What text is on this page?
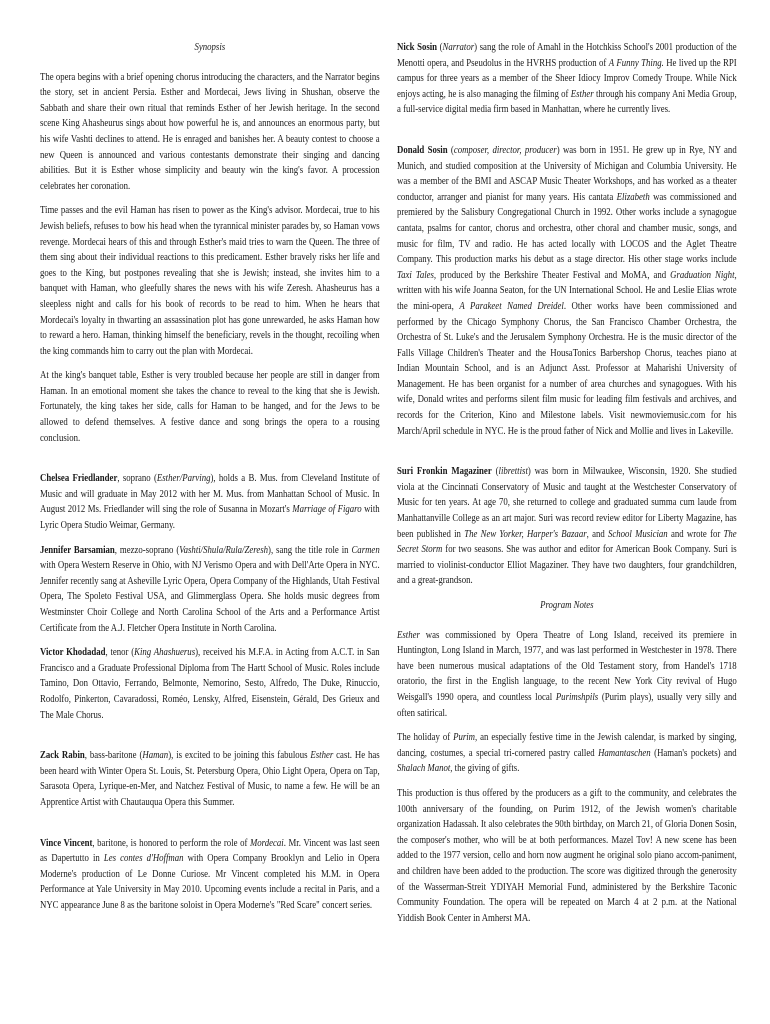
Synopsis

The opera begins with a brief opening chorus introducing the characters, and the Narrator begins the story, set in ancient Persia. Esther and Mordecai, Jews living in Shushan, observe the Sabbath and share their own ritual that reminds Esther of her Jewish heritage. In the second scene King Ahasheurus sings about how powerful he is, and announces an enormous party, but his wife Vashti declines to attend. He is enraged and banishes her. A beauty contest to choose a new Queen is announced and various contestants demonstrate their singing and dancing abilities. But it is Esther whose simplicity and beauty win the king's favor. A procession celebrates her coronation.

Time passes and the evil Haman has risen to power as the King's advisor. Mordecai, true to his Jewish beliefs, refuses to bow his head when the tyrannical minister parades by, so Haman vows revenge. Mordecai hears of this and through Esther's maid tries to warn the Queen. The three of them sing about their individual reactions to this predicament. Esther bravely risks her life and goes to the King, but postpones revealing that she is Jewish; instead, she invites him to a banquet with Haman, who gleefully shares the news with his wife Zeresh. Ahasheurus has a sleepless night and calls for his book of records to be read to him. When he hears that Mordecai's loyalty in thwarting an assassination plot has gone unrewarded, he asks Haman how to reward a hero. Haman, thinking himself the beneficiary, revels in the thought, recoiling when the king commands him to carry out the plan with Mordecai.

At the king's banquet table, Esther is very troubled because her people are still in danger from Haman. In an emotional moment she takes the chance to reveal to the king that she is Jewish. Fortunately, the king takes her side, calls for Haman to be hanged, and for the Jews to be allowed to defend themselves. A festive dance and song brings the opera to a rousing conclusion.

Chelsea Friedlander, soprano (Esther/Parving), holds a B. Mus. from Cleveland Institute of Music and will graduate in May 2012 with her M. Mus. from Manhattan School of Music. In August 2012 Ms. Friedlander will sing the role of Susanna in Mozart's Marriage of Figaro with Lyric Opera Studio Weimar, Germany.

Jennifer Barsamian, mezzo-soprano (Vashti/Shula/Rula/Zeresh), sang the title role in Carmen with Opera Western Reserve in Ohio, with NJ Verismo Opera and with Dell'Arte Opera in NYC. Jennifer recently sang at Asheville Lyric Opera, Opera Company of the Highlands, Utah Festival Opera, The Spoleto Festival USA, and Glimmerglass Opera. She holds music degrees from Westminster Choir College and North Carolina School of the Arts and a Performance Artist Certificate from the A.J. Fletcher Opera Institute in North Carolina.

Victor Khodadad, tenor (King Ahashuerus), received his M.F.A. in Acting from A.C.T. in San Francisco and a Graduate Professional Diploma from The Hartt School of Music. Roles include Tamino, Don Ottavio, Ferrando, Belmonte, Nemorino, Sesto, Alfredo, The Duke, Rinuccio, Rodolfo, Pinkerton, Cavaradossi, Roméo, Lensky, Alfred, Eisenstein, Gérald, Des Grieux and The Male Chorus.

Zack Rabin, bass-baritone (Haman), is excited to be joining this fabulous Esther cast. He has been heard with Winter Opera St. Louis, St. Petersburg Opera, Ohio Light Opera, Opera on Tap, Sarasota Opera, Lyrique-en-Mer, and Natchez Festival of Music, to name a few. He will be an Apprentice Artist with Chautauqua Opera this Summer.

Vince Vincent, baritone, is honored to perform the role of Mordecai. Mr. Vincent was last seen as Dapertutto in Les contes d'Hoffman with Opera Company Brooklyn and Lelio in Opera Moderne's production of Le Donne Curiose. Mr Vincent completed his M.M. in Opera Performance at Yale University in May 2010. Upcoming events include a recital in Paris, and a NYC appearance June 8 as the baritone soloist in Opera Moderne's "Red Scare" concert series.

Nick Sosin (Narrator) sang the role of Amahl in the Hotchkiss School's 2001 production of the Menotti opera, and Pseudolus in the HVRHS production of A Funny Thing. He lived up the RPI campus for three years as a member of the Sheer Idiocy Improv Comedy Troupe. While Nick enjoys acting, he is also managing the filming of Esther through his company Ani Media Group, a full-service digital media firm based in Manhattan, where he currently lives.

Donald Sosin (composer, director, producer) was born in 1951. He grew up in Rye, NY and Munich, and studied composition at the University of Michigan and Columbia University. He was a member of the BMI and ASCAP Music Theater Workshops, and has worked as a theater conductor, arranger and pianist for many years. His cantata Elizabeth was commissioned and premiered by the Salisbury Congregational Church in 1992. Other works include a synagogue cantata, psalms for cantor, chorus and orchestra, other choral and chamber music, songs, and music for film, TV and radio. He has acted locally with LOCOS and the Aglet Theatre Company. This production marks his debut as a stage director. His other stage works include Taxi Tales, produced by the Berkshire Theater Festival and MoMA, and Graduation Night, written with his wife Joanna Seaton, for the UN International School. He and Leslie Elias wrote the mini-opera, A Parakeet Named Dreidel. Other works have been commissioned and performed by the Chicago Symphony Chorus, the San Francisco Chamber Orchestra, the Orchestra of St. Luke's and the Jerusalem Symphony Orchestra. He is the music director of the Falls Village Children's Theater and the HousaTonics Barbershop Chorus, teaches piano at Indian Mountain School, and is an Adjunct Asst. Professor at Maharishi University of Management. He has been organist for a number of area churches and synagogues. With his wife, Donald writes and performs silent film music for leading film festivals and archives, and records for the Criterion, Kino and Milestone labels. Visit newmoviemusic.com for his March/April schedule in NYC. He is the proud father of Nick and Mollie and lives in Lakeville.

Suri Fronkin Magaziner (librettist) was born in Milwaukee, Wisconsin, 1920. She studied viola at the Cincinnati Conservatory of Music and taught at the Westchester Conservatory of Music for ten years. At age 70, she returned to college and graduated summa cum laude from Manhattanville College as an art major. Suri was record review editor for Liberty Magazine, has been published in The New Yorker, Harper's Bazaar, and School Musician and wrote for The Secret Storm for two seasons. She was author and editor for American Book Company. Suri is married to violinist-conductor Elliot Magaziner. They have two daughters, four grandchildren, and a great-grandson.

Program Notes

Esther was commissioned by Opera Theatre of Long Island, received its premiere in Huntington, Long Island in March, 1977, and was last performed in Westchester in 1978. There have been numerous musical adaptations of the Old Testament story, from Handel's 1718 oratorio, the first in the English language, to the recent New York City revival of Hugo Weisgall's 1990 opera, and countless local Purimshpils (Purim plays), usually very silly and often satirical.

The holiday of Purim, an especially festive time in the Jewish calendar, is marked by singing, dancing, costumes, a special tri-cornered pastry called Hamantaschen (Haman's pockets) and Shalach Manot, the giving of gifts.

This production is thus offered by the producers as a gift to the community, and celebrates the 100th anniversary of the founding, on Purim 1912, of the Jewish women's charitable organization Hadassah. It also celebrates the 90th birthday, on March 21, of Gloria Donen Sosin, the composer's mother, who will be at both performances. Mazel Tov! A new scene has been added to the 1977 version, cello and horn now augment he original solo piano accom-paniment, and children have been added to the production. The score was digitized through the generosity of the Wasserman-Streit YDIYAH Memorial Fund, administered by the Berkshire Taconic Community Foundation. The opera will be repeated on March 4 at 2 p.m. at the National Yiddish Book Center in Amherst MA.
